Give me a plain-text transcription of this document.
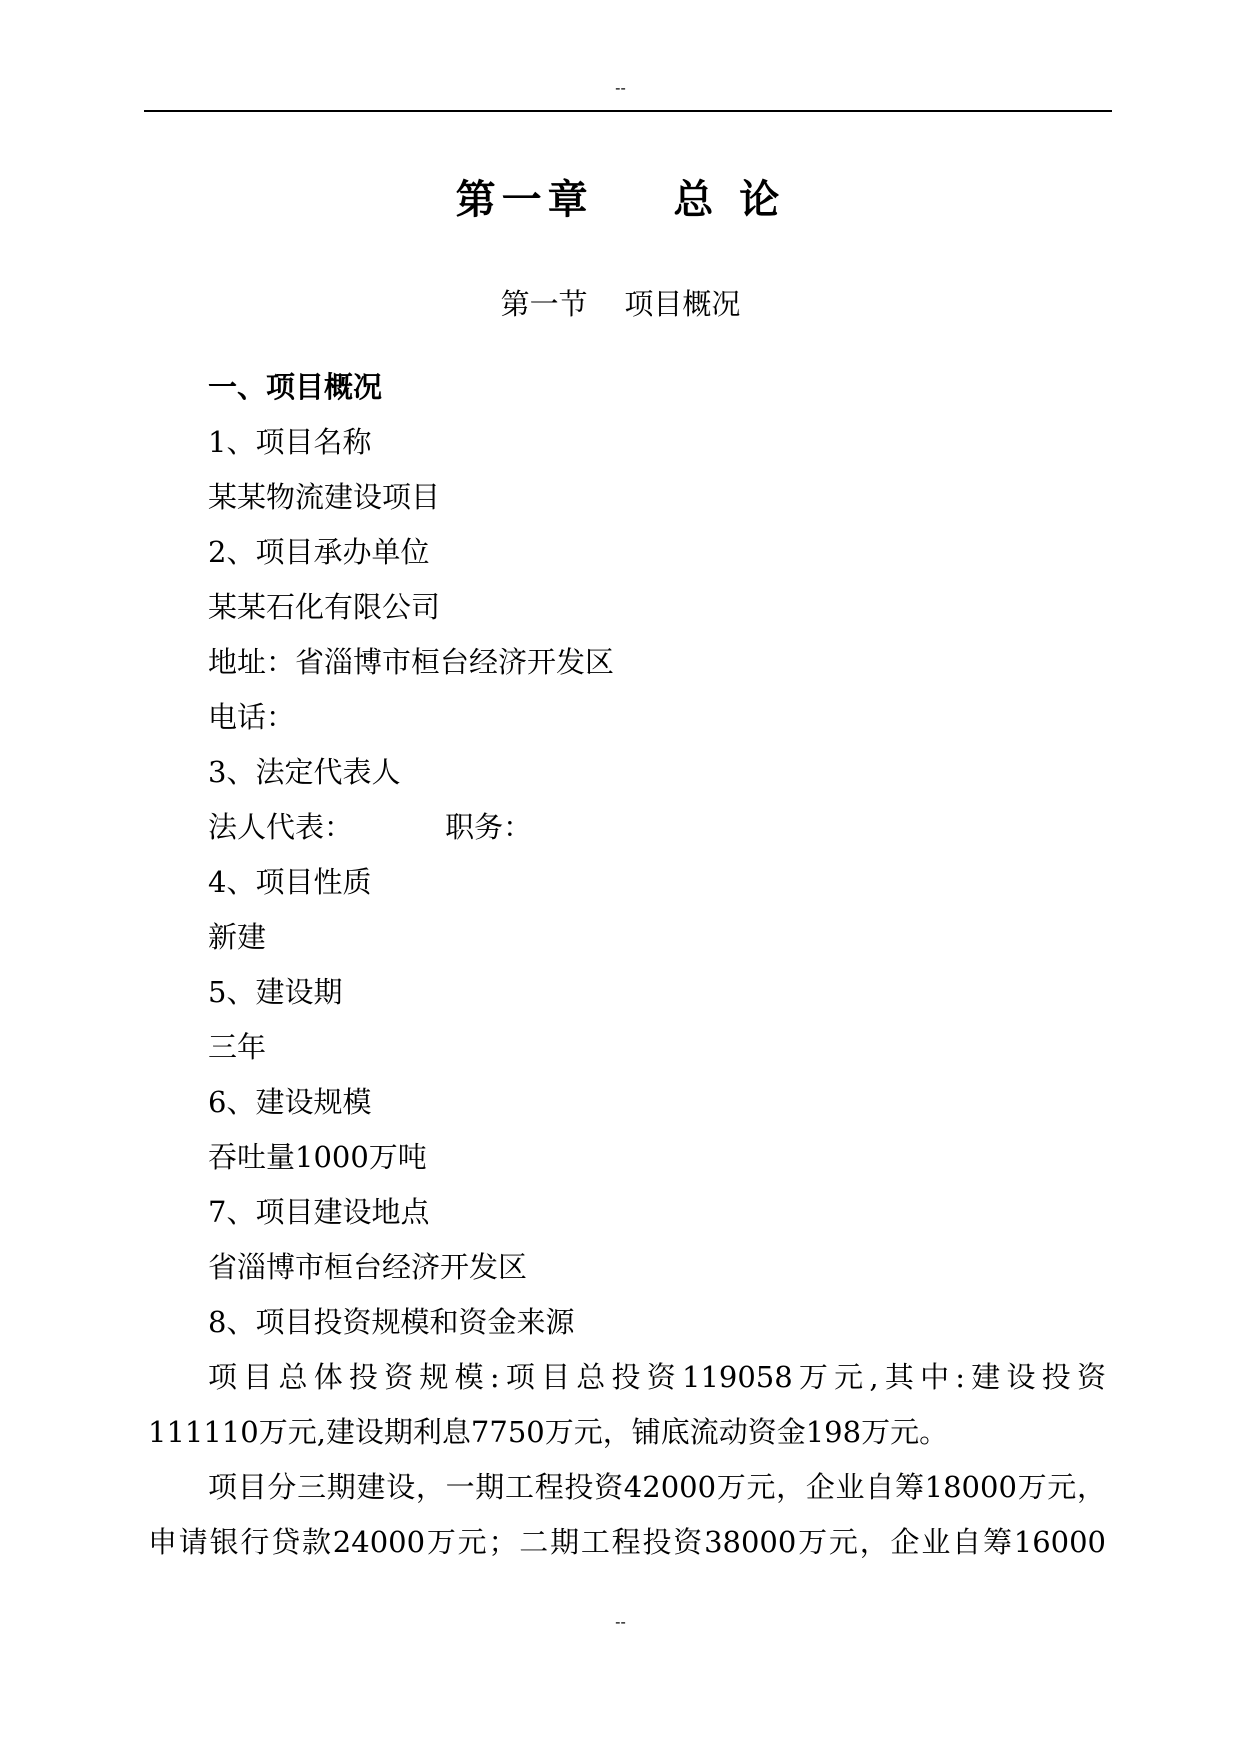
--
第一章    总 论
第一节    项目概况
一、项目概况
1、项目名称
某某物流建设项目
2、项目承办单位
某某石化有限公司
地址：省淄博市桓台经济开发区
电话：
3、法定代表人
法人代表：          职务：
4、项目性质
新建
5、建设期
三年
6、建设规模
吞吐量1000万吨
7、项目建设地点
省淄博市桓台经济开发区
8、项目投资规模和资金来源
项目总体投资规模:项目总投资119058万元,其中:建设投资
111110万元,建设期利息7750万元，铺底流动资金198万元。
项目分三期建设，一期工程投资42000万元，企业自筹18000万元，
申请银行贷款24000万元；二期工程投资38000万元，企业自筹16000
--
